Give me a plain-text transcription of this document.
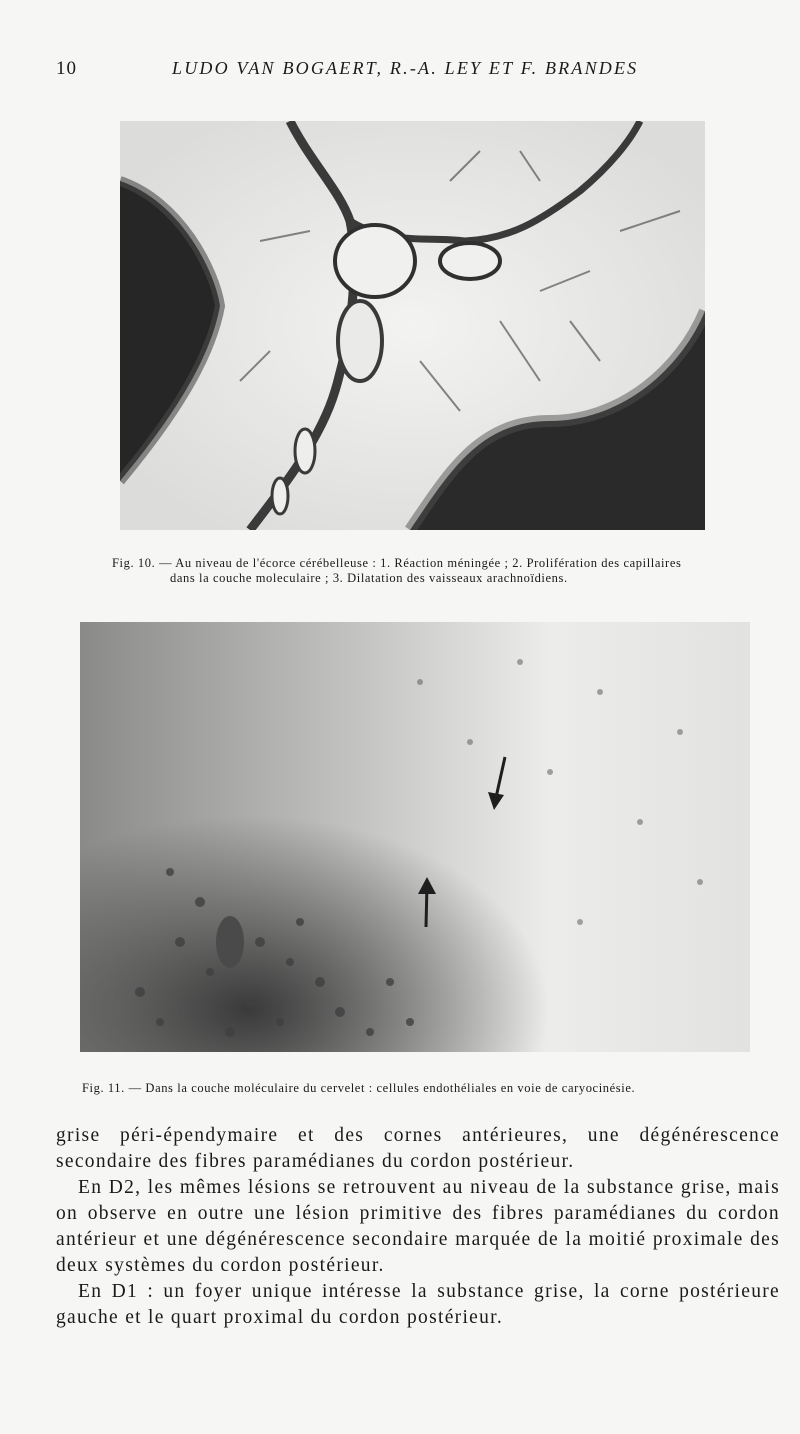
10	LUDO VAN BOGAERT, R.-A. LEY ET F. BRANDES
Fig. 10. — Au niveau de l'écorce cérébelleuse : 1. Réaction méningée ; 2. Prolifération des capillaires
dans la couche moleculaire ; 3. Dilatation des vaisseaux arachnoïdiens.
Fig. 11. — Dans la couche moléculaire du cervelet : cellules endothéliales en voie de caryocinésie.

grise péri-épendymaire et des cornes antérieures, une dégénérescence secondaire des fibres paramédianes du cordon postérieur.

En D2, les mêmes lésions se retrouvent au niveau de la substance grise, mais on observe en outre une lésion primitive des fibres paramédianes du cordon antérieur et une dégénérescence secondaire marquée de la moitié proximale des deux systèmes du cordon postérieur.

En D1 : un foyer unique intéresse la substance grise, la corne postérieure gauche et le quart proximal du cordon postérieur.
